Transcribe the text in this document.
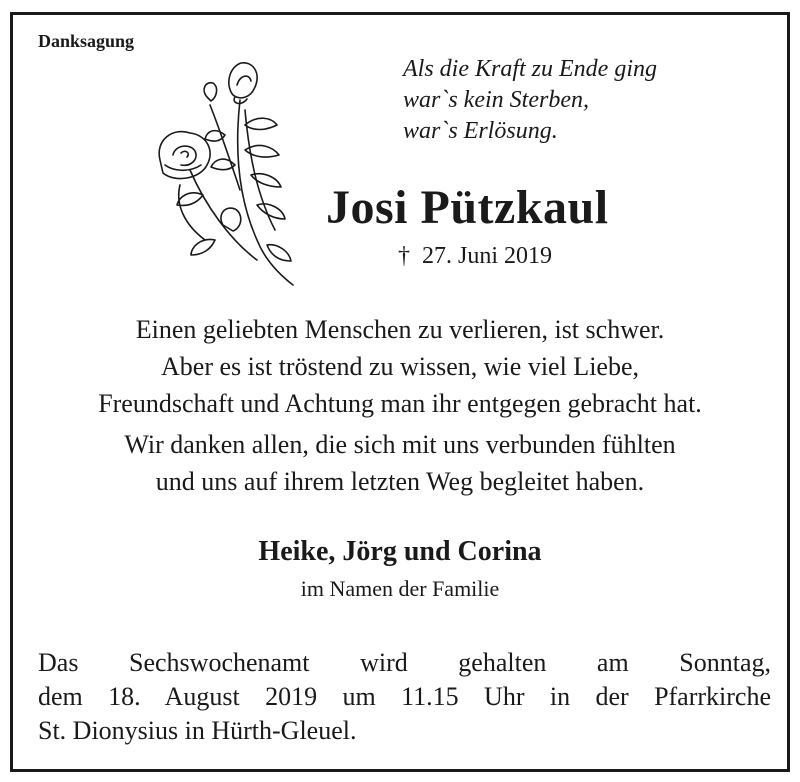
Danksagung
Als die Kraft zu Ende ging
war`s kein Sterben,
war`s Erlösung.
Josi Pützkaul
† 27. Juni 2019
Einen geliebten Menschen zu verlieren, ist schwer.
Aber es ist tröstend zu wissen, wie viel Liebe,
Freundschaft und Achtung man ihr entgegen gebracht hat.
Wir danken allen, die sich mit uns verbunden fühlten
und uns auf ihrem letzten Weg begleitet haben.
Heike, Jörg und Corina
im Namen der Familie
Das Sechswochenamt wird gehalten am Sonntag,
dem 18. August 2019 um 11.15 Uhr in der Pfarrkirche
St. Dionysius in Hürth-Gleuel.
